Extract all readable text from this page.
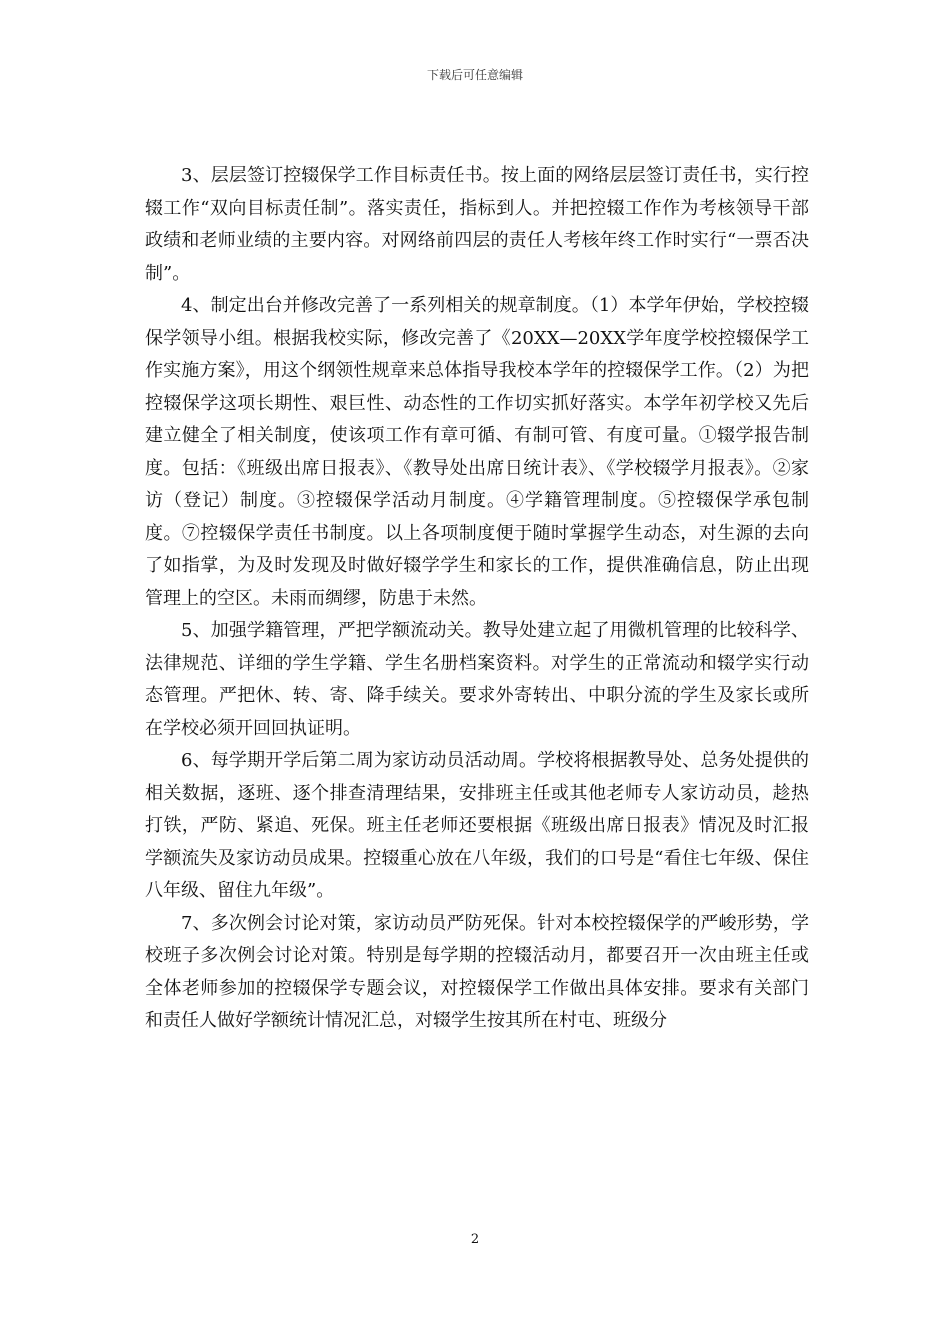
下载后可任意编辑

3、层层签订控辍保学工作目标责任书。按上面的网络层层签订责任书，实行控辍工作“双向目标责任制”。落实责任，指标到人。并把控辍工作作为考核领导干部政绩和老师业绩的主要内容。对网络前四层的责任人考核年终工作时实行“一票否决制”。

4、制定出台并修改完善了一系列相关的规章制度。（1）本学年伊始，学校控辍保学领导小组。根据我校实际，修改完善了《20XX—20XX学年度学校控辍保学工作实施方案》，用这个纲领性规章来总体指导我校本学年的控辍保学工作。（2）为把控辍保学这项长期性、艰巨性、动态性的工作切实抓好落实。本学年初学校又先后建立健全了相关制度，使该项工作有章可循、有制可管、有度可量。①辍学报告制度。包括：《班级出席日报表》、《教导处出席日统计表》、《学校辍学月报表》。②家访（登记）制度。③控辍保学活动月制度。④学籍管理制度。⑤控辍保学承包制度。⑦控辍保学责任书制度。以上各项制度便于随时掌握学生动态，对生源的去向了如指掌，为及时发现及时做好辍学学生和家长的工作，提供准确信息，防止出现管理上的空区。未雨而绸缪，防患于未然。

5、加强学籍管理，严把学额流动关。教导处建立起了用微机管理的比较科学、法律规范、详细的学生学籍、学生名册档案资料。对学生的正常流动和辍学实行动态管理。严把休、转、寄、降手续关。要求外寄转出、中职分流的学生及家长或所在学校必须开回回执证明。

6、每学期开学后第二周为家访动员活动周。学校将根据教导处、总务处提供的相关数据，逐班、逐个排查清理结果，安排班主任或其他老师专人家访动员，趁热打铁，严防、紧追、死保。班主任老师还要根据《班级出席日报表》情况及时汇报学额流失及家访动员成果。控辍重心放在八年级，我们的口号是“看住七年级、保住八年级、留住九年级”。

7、多次例会讨论对策，家访动员严防死保。针对本校控辍保学的严峻形势，学校班子多次例会讨论对策。特别是每学期的控辍活动月，都要召开一次由班主任或全体老师参加的控辍保学专题会议，对控辍保学工作做出具体安排。要求有关部门和责任人做好学额统计情况汇总，对辍学生按其所在村屯、班级分

2
